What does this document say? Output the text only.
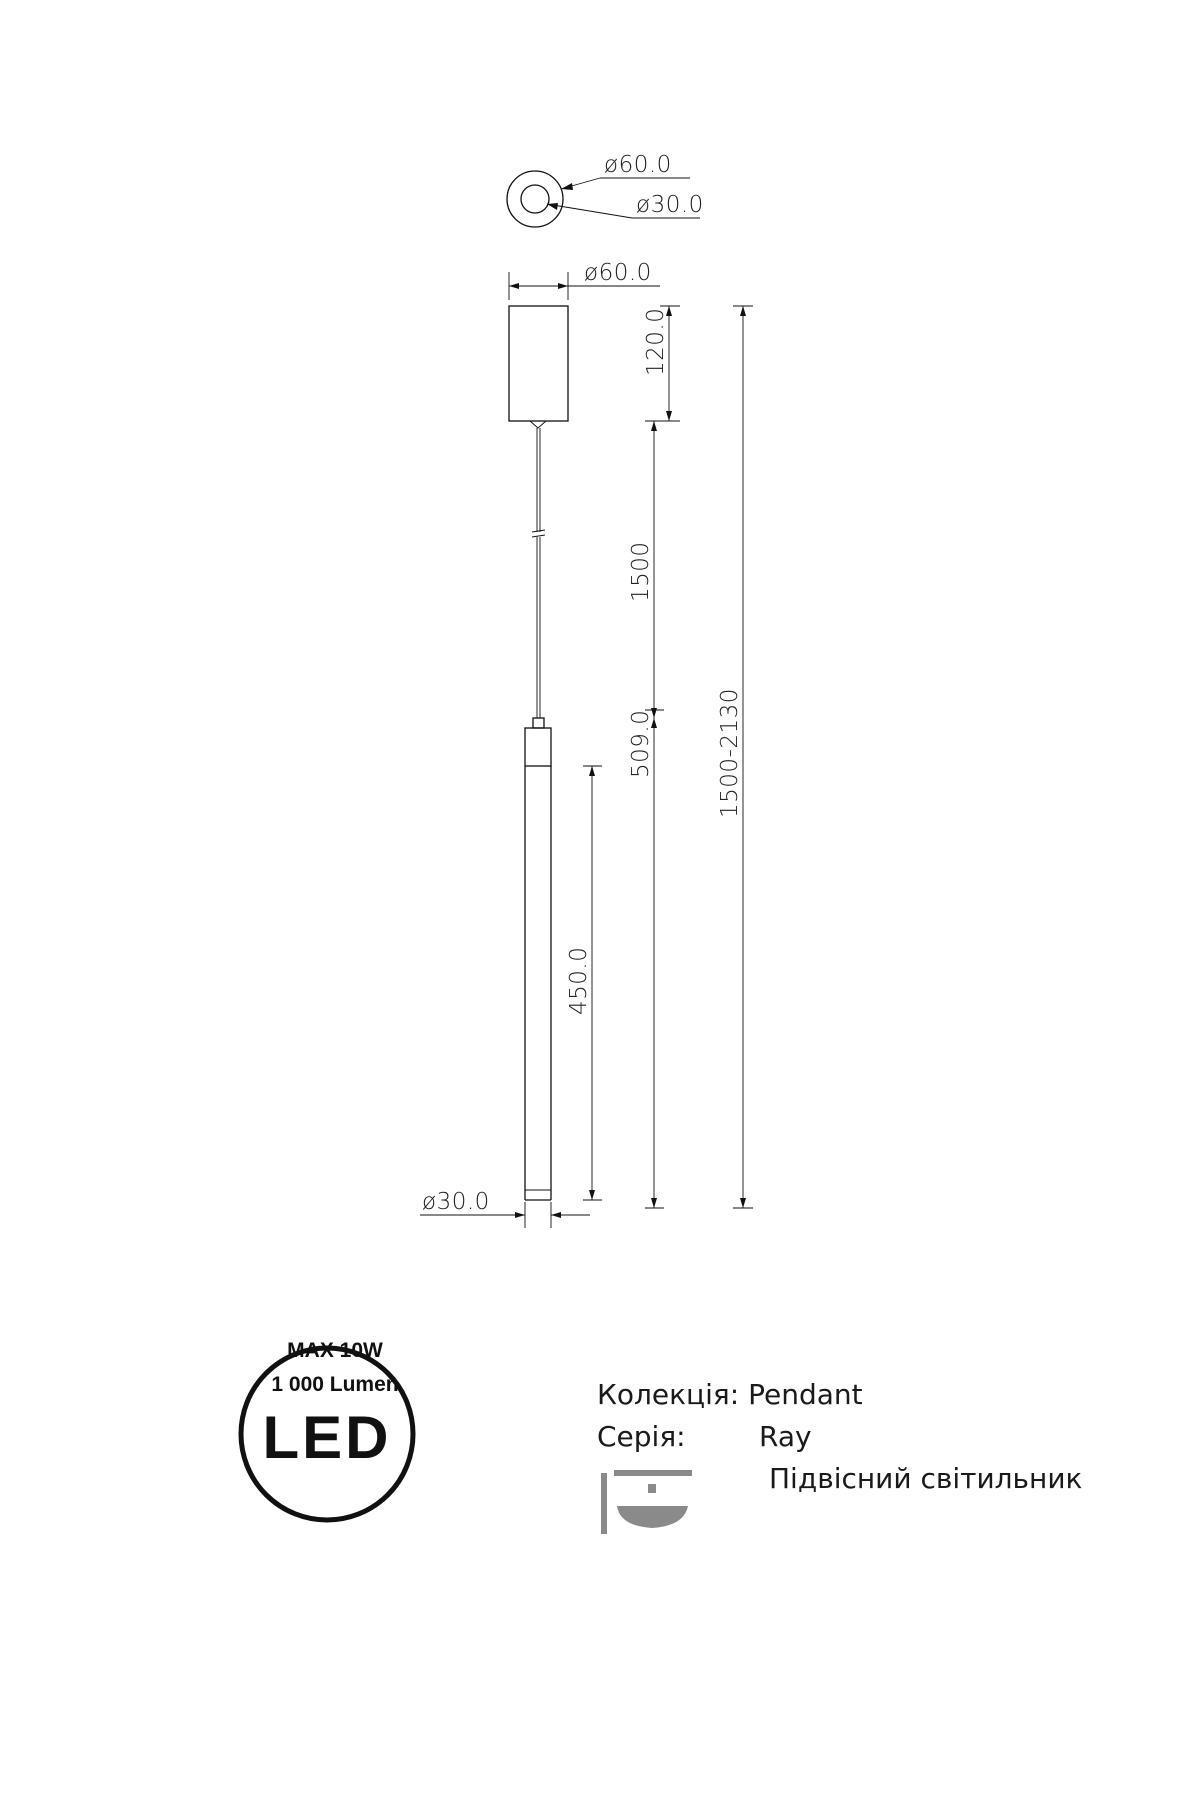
ø60.0
ø30.0
ø60.0
ø30.0
120.0
1500
509.0
450.0
1500-2130
LED
MAX 10W
1 000 Lumen	Колекція: Pendant
Серія:	Ray
Підвісний світильник
